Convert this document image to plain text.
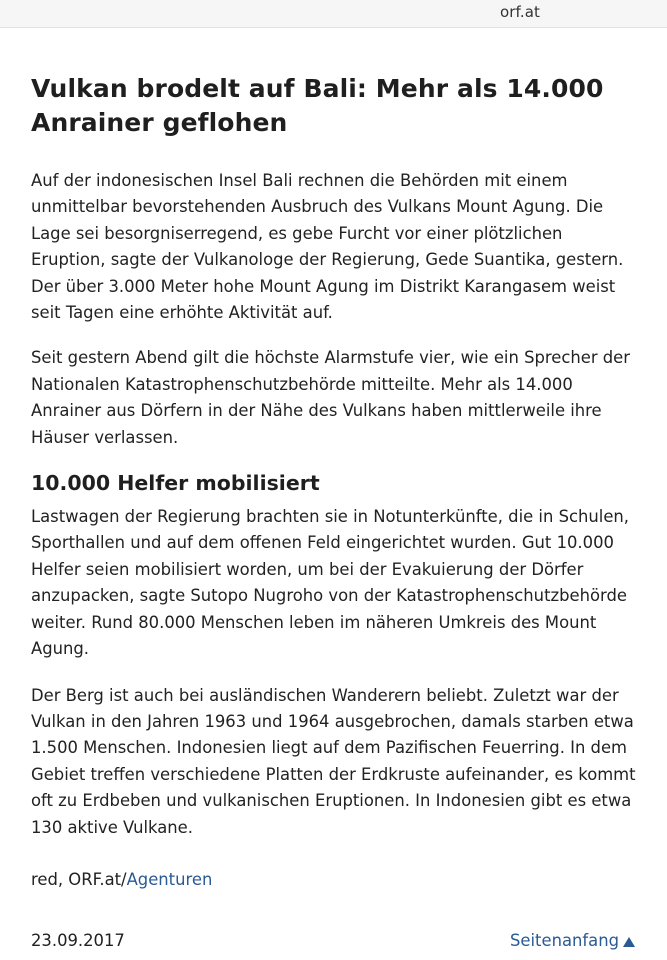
orf.at
Vulkan brodelt auf Bali: Mehr als 14.000 Anrainer geflohen

Auf der indonesischen Insel Bali rechnen die Behörden mit einem unmittelbar bevorstehenden Ausbruch des Vulkans Mount Agung. Die Lage sei besorgniserregend, es gebe Furcht vor einer plötzlichen Eruption, sagte der Vulkanologe der Regierung, Gede Suantika, gestern. Der über 3.000 Meter hohe Mount Agung im Distrikt Karangasem weist seit Tagen eine erhöhte Aktivität auf.

Seit gestern Abend gilt die höchste Alarmstufe vier, wie ein Sprecher der Nationalen Katastrophenschutzbehörde mitteilte. Mehr als 14.000 Anrainer aus Dörfern in der Nähe des Vulkans haben mittlerweile ihre Häuser verlassen.

10.000 Helfer mobilisiert

Lastwagen der Regierung brachten sie in Notunterkünfte, die in Schulen, Sporthallen und auf dem offenen Feld eingerichtet wurden. Gut 10.000 Helfer seien mobilisiert worden, um bei der Evakuierung der Dörfer anzupacken, sagte Sutopo Nugroho von der Katastrophenschutzbehörde weiter. Rund 80.000 Menschen leben im näheren Umkreis des Mount Agung.

Der Berg ist auch bei ausländischen Wanderern beliebt. Zuletzt war der Vulkan in den Jahren 1963 und 1964 ausgebrochen, damals starben etwa 1.500 Menschen. Indonesien liegt auf dem Pazifischen Feuerring. In dem Gebiet treffen verschiedene Platten der Erdkruste aufeinander, es kommt oft zu Erdbeben und vulkanischen Eruptionen. In Indonesien gibt es etwa 130 aktive Vulkane.

red, ORF.at/Agenturen
23.09.2017	Seitenanfang
